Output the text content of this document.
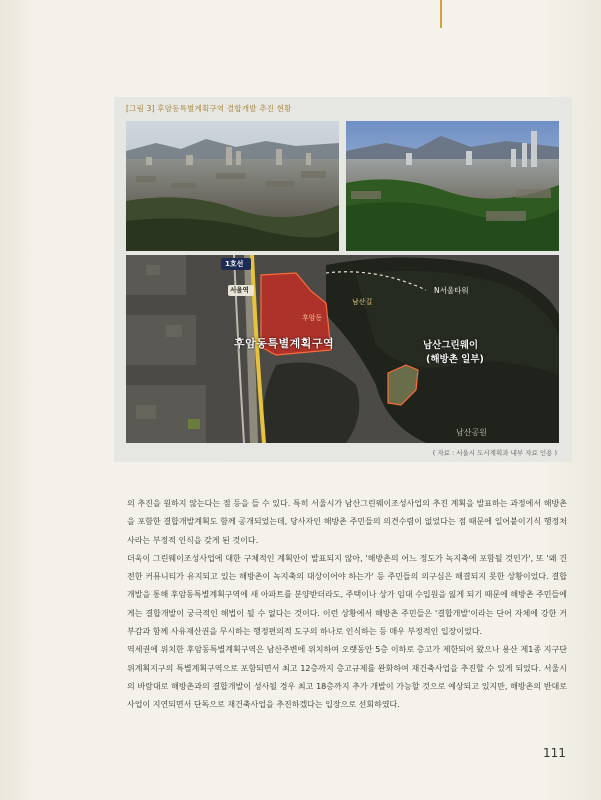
[그림 3] 후암동특별계획구역 결합개발 추진 현황
1호선
서울역
후암동
후암동특별계획구역
남산길
N서울타워
남산그린웨이
(해방촌 일부)
남산공원
( 자료 : 서울시 도시계획과 내부 자료 인용 )

의 추진을 원하지 않는다는 점 등을 들 수 있다. 특히 서울시가 남산그린웨이조성사업의 추진 계획을 발표하는 과정에서 해방촌을 포함한 결합개발계획도 함께 공개되었는데, 당사자인 해방촌 주민들의 의견수렴이 없었다는 점 때문에 일어붙이기식 행정처사라는 부정적 인식을 갖게 된 것이다.

더욱이 그린웨이조성사업에 대한 구체적인 계획안이 발표되지 않아, '해방촌의 어느 정도가 녹지축에 포함될 것인가', 또 '왜 건전한 커뮤니티가 유지되고 있는 해방촌이 녹지축의 대상이어야 하는가' 등 주민들의 의구심은 해결되지 못한 상황이었다. 결합개발을 통해 후암동특별계획구역에 새 아파트를 분양받더라도, 주택이나 상가 임대 수입원을 잃게 되기 때문에 해방촌 주민들에게는 결합개발이 궁극적인 해법이 될 수 없다는 것이다. 이런 상황에서 해방촌 주민들은 '결합개발'이라는 단어 자체에 강한 거부감과 함께 사유재산권을 무시하는 행정편의적 도구의 하나로 인식하는 등 매우 부정적인 입장이었다.

역세권에 위치한 후암동특별계획구역은 남산주변에 위치하여 오랫동안 5층 이하로 층고가 제한되어 왔으나 용산 제1종 지구단위계획지구의 특별계획구역으로 포함되면서 최고 12층까지 층고규제를 완화하여 재건축사업을 추진할 수 있게 되었다. 서울시의 바람대로 해방촌과의 결합개발이 성사될 경우 최고 18층까지 추가 개발이 가능할 것으로 예상되고 있지만, 해방촌의 반대로 사업이 지연되면서 단독으로 재건축사업을 추진하겠다는 입장으로 선회하였다.

111
